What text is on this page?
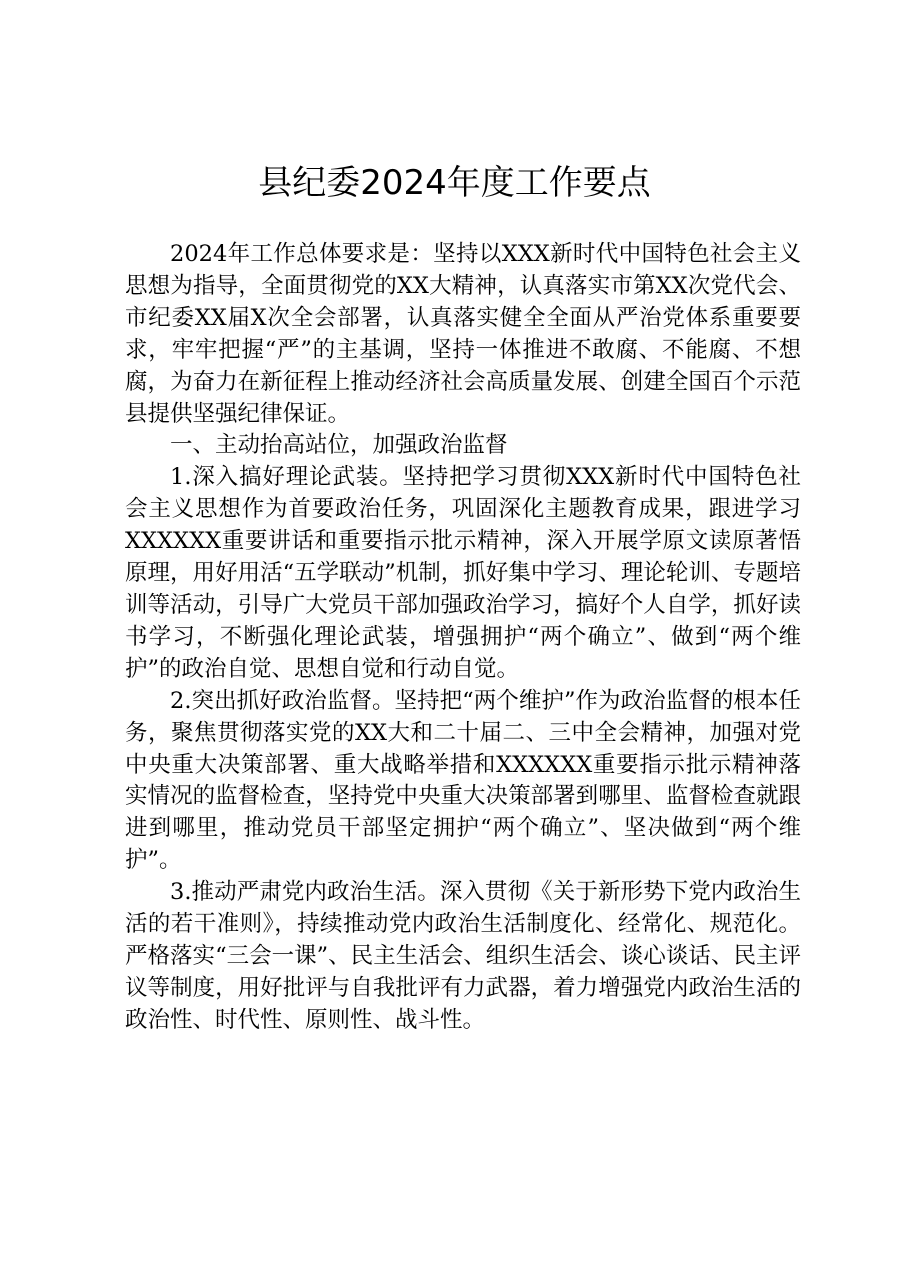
县纪委2024年度工作要点

2024年工作总体要求是：坚持以XXX新时代中国特色社会主义思想为指导，全面贯彻党的XX大精神，认真落实市第XX次党代会、市纪委XX届X次全会部署，认真落实健全全面从严治党体系重要要求，牢牢把握“严”的主基调，坚持一体推进不敢腐、不能腐、不想腐，为奋力在新征程上推动经济社会高质量发展、创建全国百个示范县提供坚强纪律保证。

一、主动抬高站位，加强政治监督

1.深入搞好理论武装。坚持把学习贯彻XXX新时代中国特色社会主义思想作为首要政治任务，巩固深化主题教育成果，跟进学习XXXXXX重要讲话和重要指示批示精神，深入开展学原文读原著悟原理，用好用活“五学联动”机制，抓好集中学习、理论轮训、专题培训等活动，引导广大党员干部加强政治学习，搞好个人自学，抓好读书学习，不断强化理论武装，增强拥护“两个确立”、做到“两个维护”的政治自觉、思想自觉和行动自觉。

2.突出抓好政治监督。坚持把“两个维护”作为政治监督的根本任务，聚焦贯彻落实党的XX大和二十届二、三中全会精神，加强对党中央重大决策部署、重大战略举措和XXXXXX重要指示批示精神落实情况的监督检查，坚持党中央重大决策部署到哪里、监督检查就跟进到哪里，推动党员干部坚定拥护“两个确立”、坚决做到“两个维护”。

3.推动严肃党内政治生活。深入贯彻《关于新形势下党内政治生活的若干准则》，持续推动党内政治生活制度化、经常化、规范化。严格落实“三会一课”、民主生活会、组织生活会、谈心谈话、民主评议等制度，用好批评与自我批评有力武器，着力增强党内政治生活的政治性、时代性、原则性、战斗性。
